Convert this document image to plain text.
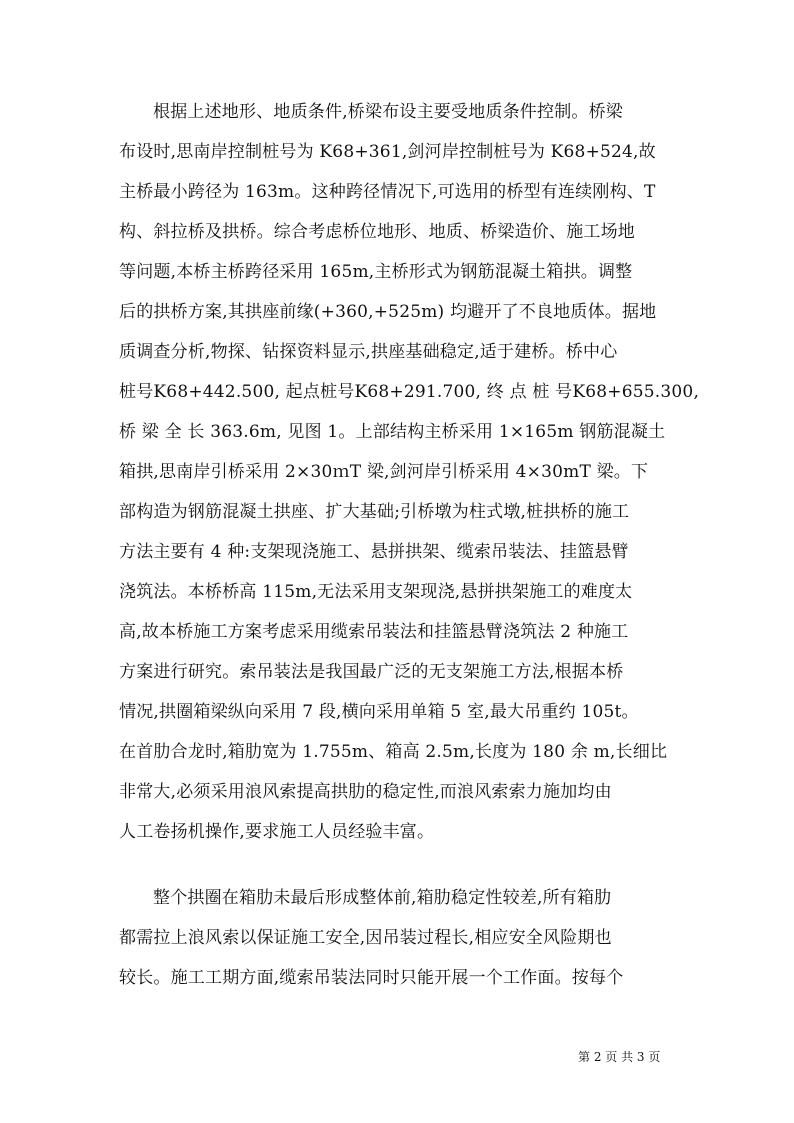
根据上述地形、地质条件,桥梁布设主要受地质条件控制。桥梁
布设时,思南岸控制桩号为 K68+361,剑河岸控制桩号为 K68+524,故
主桥最小跨径为 163m。这种跨径情况下,可选用的桥型有连续刚构、T
构、斜拉桥及拱桥。综合考虑桥位地形、地质、桥梁造价、施工场地
等问题,本桥主桥跨径采用 165m,主桥形式为钢筋混凝土箱拱。调整
后的拱桥方案,其拱座前缘(+360,+525m) 均避开了不良地质体。据地
质调查分析,物探、钻探资料显示,拱座基础稳定,适于建桥。桥中心
桩号K68+442.500, 起点桩号K68+291.700, 终 点 桩 号K68+655.300,
桥 梁 全 长 363.6m, 见图 1。上部结构主桥采用 1×165m 钢筋混凝土
箱拱,思南岸引桥采用 2×30ｍT 梁,剑河岸引桥采用 4×30mT 梁。下
部构造为钢筋混凝土拱座、扩大基础;引桥墩为柱式墩,桩拱桥的施工
方法主要有 4 种:支架现浇施工、悬拼拱架、缆索吊装法、挂篮悬臂
浇筑法。本桥桥高 115m,无法采用支架现浇,悬拼拱架施工的难度太
高,故本桥施工方案考虑采用缆索吊装法和挂篮悬臂浇筑法 2 种施工
方案进行研究。索吊装法是我国最广泛的无支架施工方法,根据本桥
情况,拱圈箱梁纵向采用 7 段,横向采用单箱 5 室,最大吊重约 105t。
在首肋合龙时,箱肋宽为 1.755m、箱高 2.5m,长度为 180 余 m,长细比
非常大,必须采用浪风索提高拱肋的稳定性,而浪风索索力施加均由
人工卷扬机操作,要求施工人员经验丰富。
整个拱圈在箱肋未最后形成整体前,箱肋稳定性较差,所有箱肋
都需拉上浪风索以保证施工安全,因吊装过程长,相应安全风险期也
较长。施工工期方面,缆索吊装法同时只能开展一个工作面。按每个
第 2 页 共 3 页
